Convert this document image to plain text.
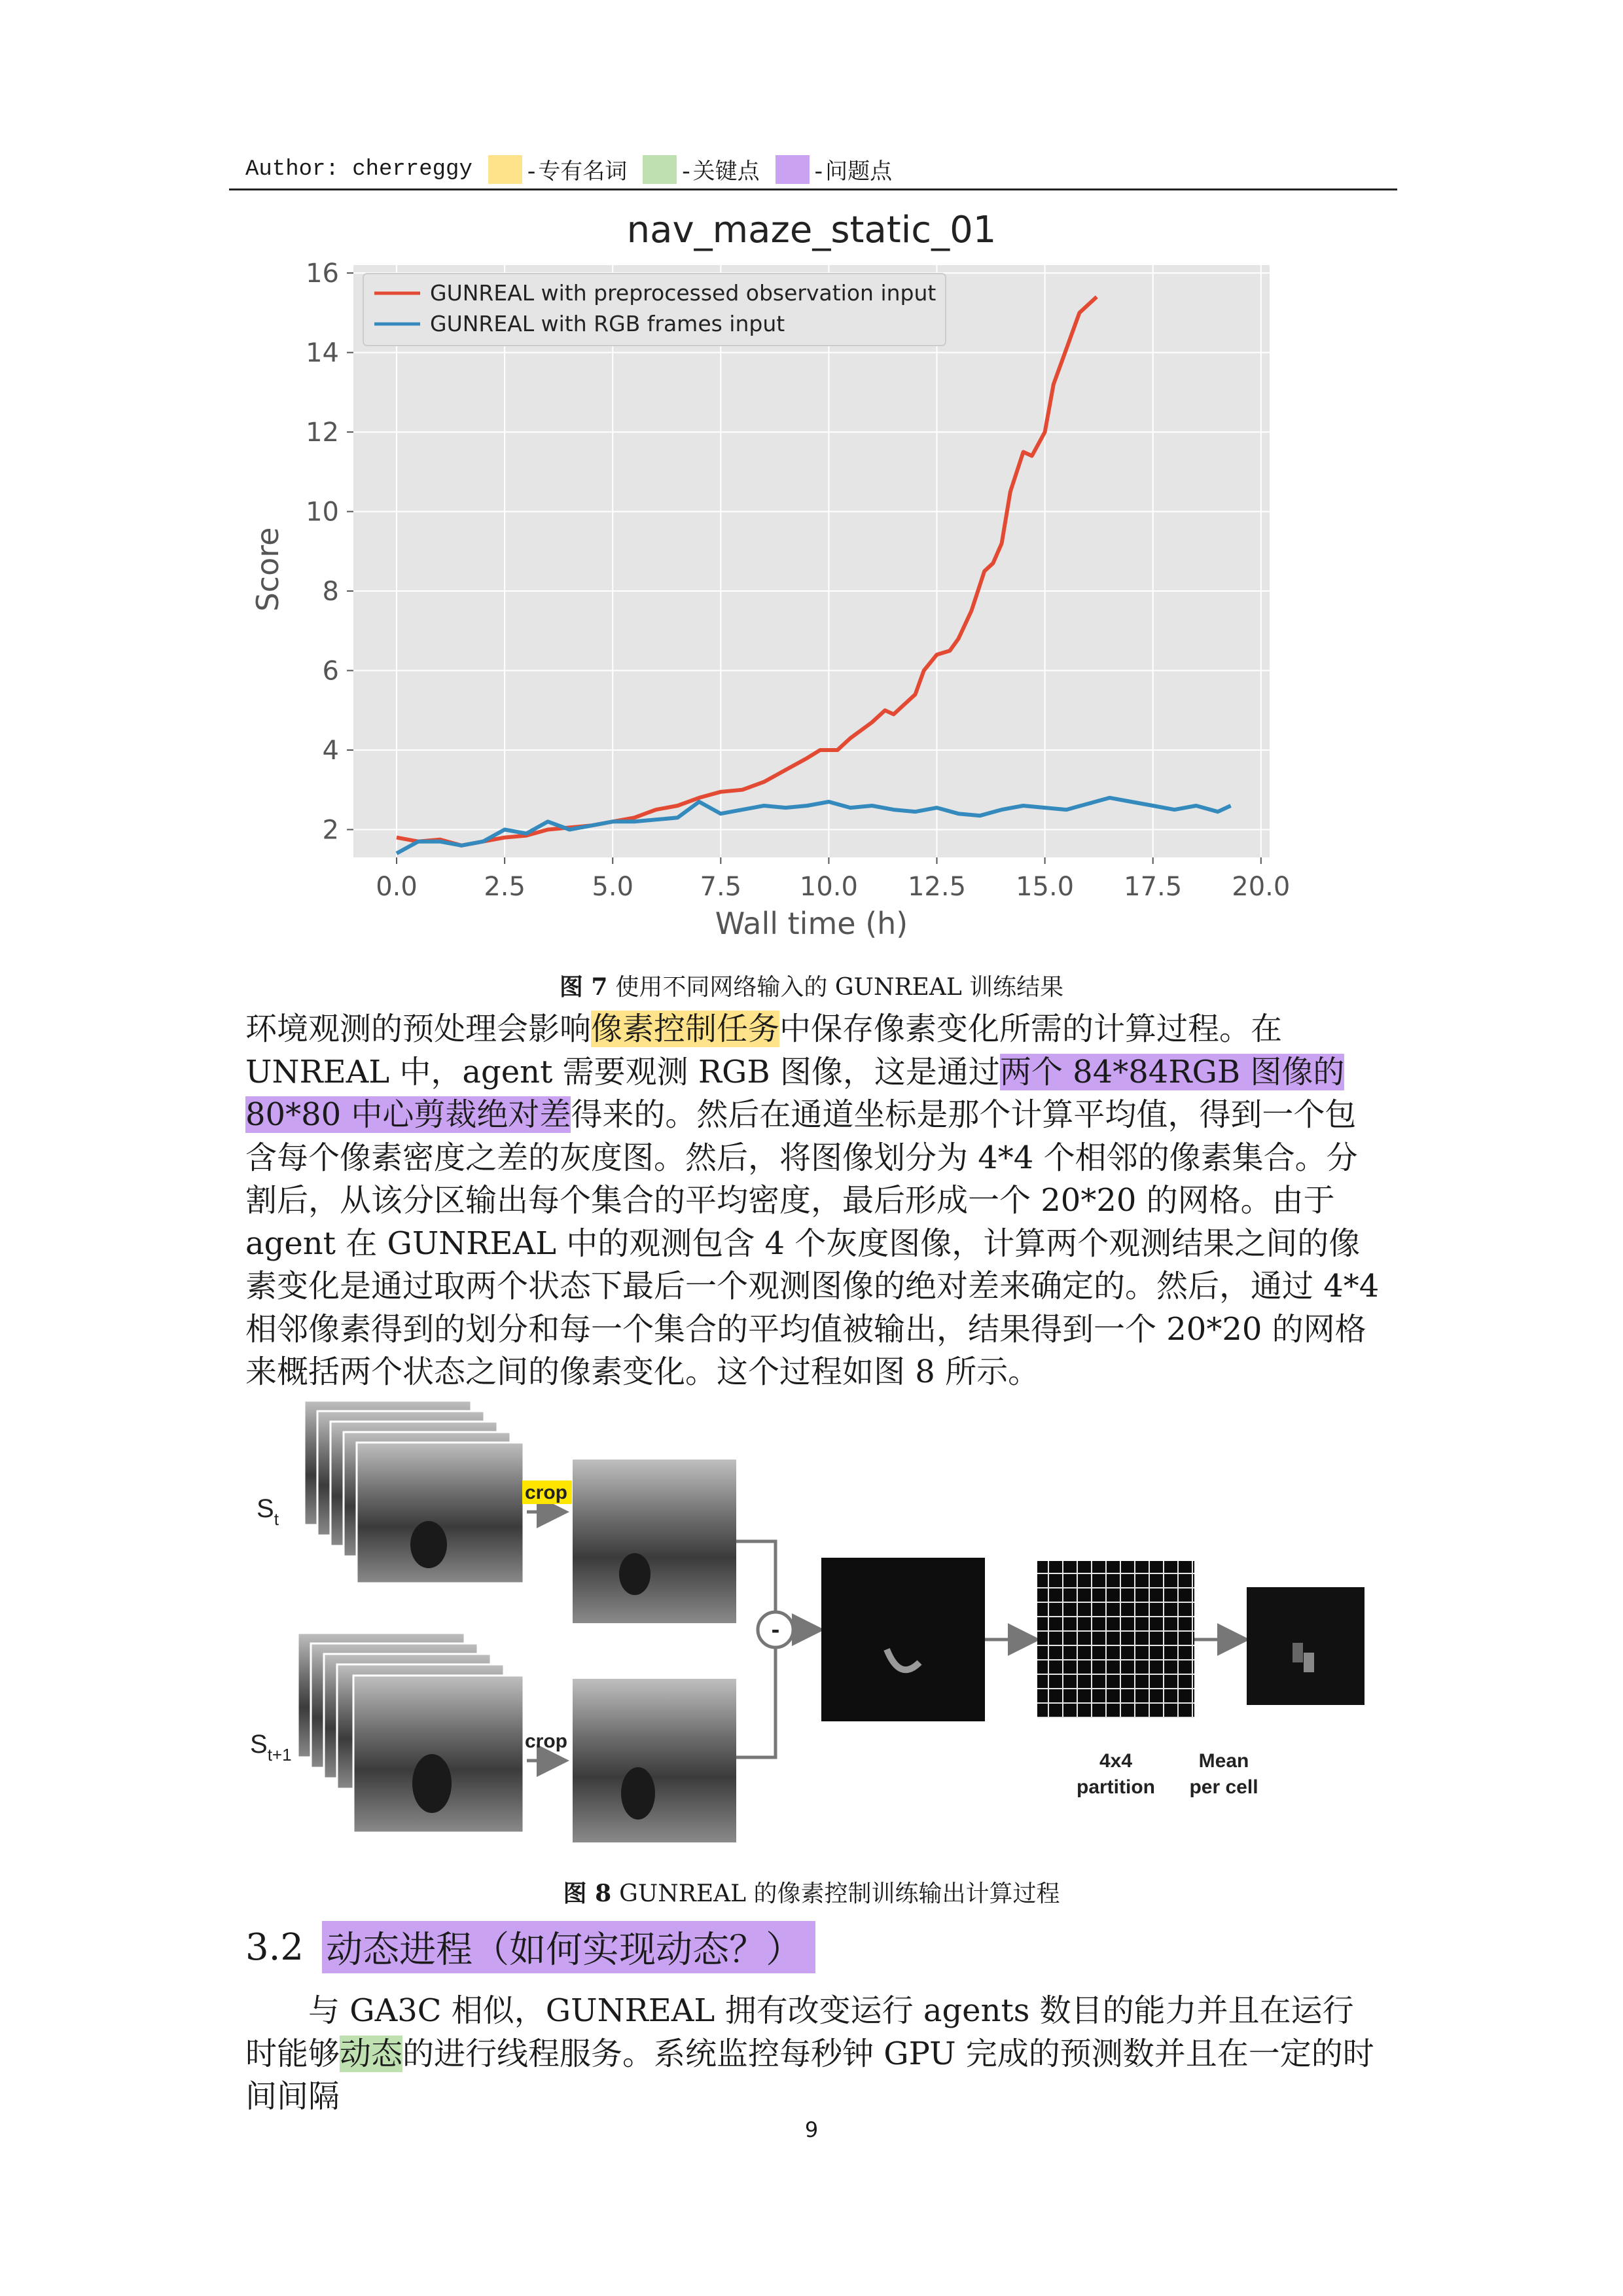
Author: cherreggy -专有名词 -关键点 -问题点
0.0	2.5	5.0	7.5 10.0 12.5 15.0 17.5 20.0
2
4
6
8
10
12
14
16
nav_maze_static_01
Wall time (h)
Score
GUNREAL with preprocessed observation input
GUNREAL with RGB frames input
图 7 使用不同网络输入的 GUNREAL 训练结果

环境观测的预处理会影响像素控制任务中保存像素变化所需的计算过程。在UNREAL 中，agent 需要观测 RGB 图像，这是通过两个 84*84RGB 图像的 80*80 中心剪裁绝对差得来的。然后在通道坐标是那个计算平均值，得到一个包含每个像素密度之差的灰度图。然后，将图像划分为 4*4 个相邻的像素集合。分割后，从该分区输出每个集合的平均密度，最后形成一个 20*20 的网格。由于 agent 在 GUNREAL 中的观测包含 4 个灰度图像，计算两个观测结果之间的像素变化是通过取两个状态下最后一个观测图像的绝对差来确定的。然后，通过 4*4 相邻像素得到的划分和每一个集合的平均值被输出，结果得到一个 20*20 的网格来概括两个状态之间的像素变化。这个过程如图 8 所示。

$S_t$
crop
$S_{t+1}$
crop
-
4x4
partition
Mean
per cell
图 8 GUNREAL 的像素控制训练输出计算过程
3.2 动态进程（如何实现动态？）

与 GA3C 相似，GUNREAL 拥有改变运行 agents 数目的能力并且在运行时能够动态的进行线程服务。系统监控每秒钟 GPU 完成的预测数并且在一定的时间间隔

9
